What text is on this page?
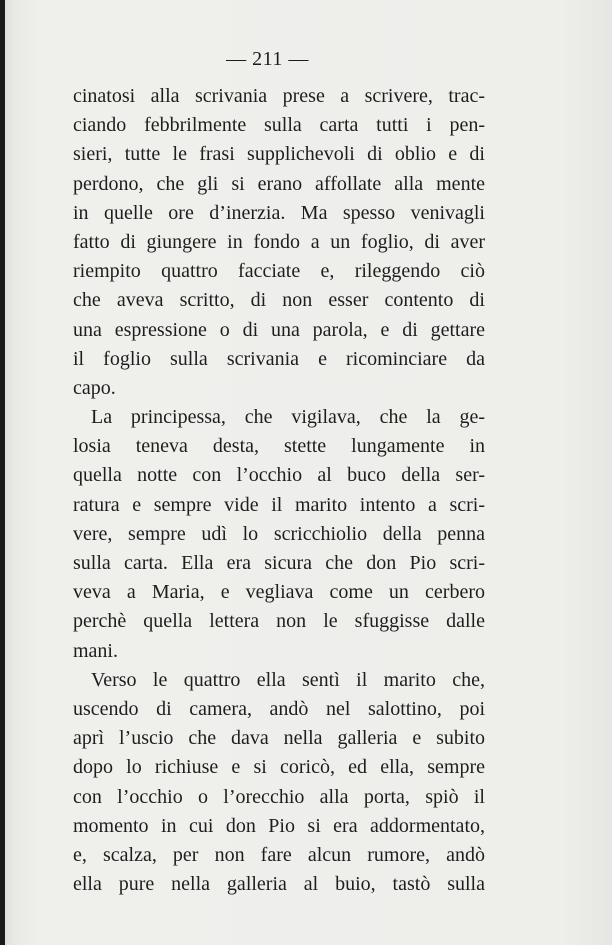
— 211 —
cinatosi alla scrivania prese a scrivere, trac-
ciando febbrilmente sulla carta tutti i pen-
sieri, tutte le frasi supplichevoli di oblio e di
perdono, che gli si erano affollate alla mente
in quelle ore d’inerzia. Ma spesso venivagli
fatto di giungere in fondo a un foglio, di aver
riempito quattro facciate e, rileggendo ciò
che aveva scritto, di non esser contento di
una espressione o di una parola, e di gettare
il foglio sulla scrivania e ricominciare da
capo.
La principessa, che vigilava, che la ge-
losia teneva desta, stette lungamente in
quella notte con l’occhio al buco della ser-
ratura e sempre vide il marito intento a scri-
vere, sempre udì lo scricchiolio della penna
sulla carta. Ella era sicura che don Pio scri-
veva a Maria, e vegliava come un cerbero
perchè quella lettera non le sfuggisse dalle
mani.
Verso le quattro ella sentì il marito che,
uscendo di camera, andò nel salottino, poi
aprì l’uscio che dava nella galleria e subito
dopo lo richiuse e si coricò, ed ella, sempre
con l’occhio o l’orecchio alla porta, spiò il
momento in cui don Pio si era addormentato,
e, scalza, per non fare alcun rumore, andò
ella pure nella galleria al buio, tastò sulla
